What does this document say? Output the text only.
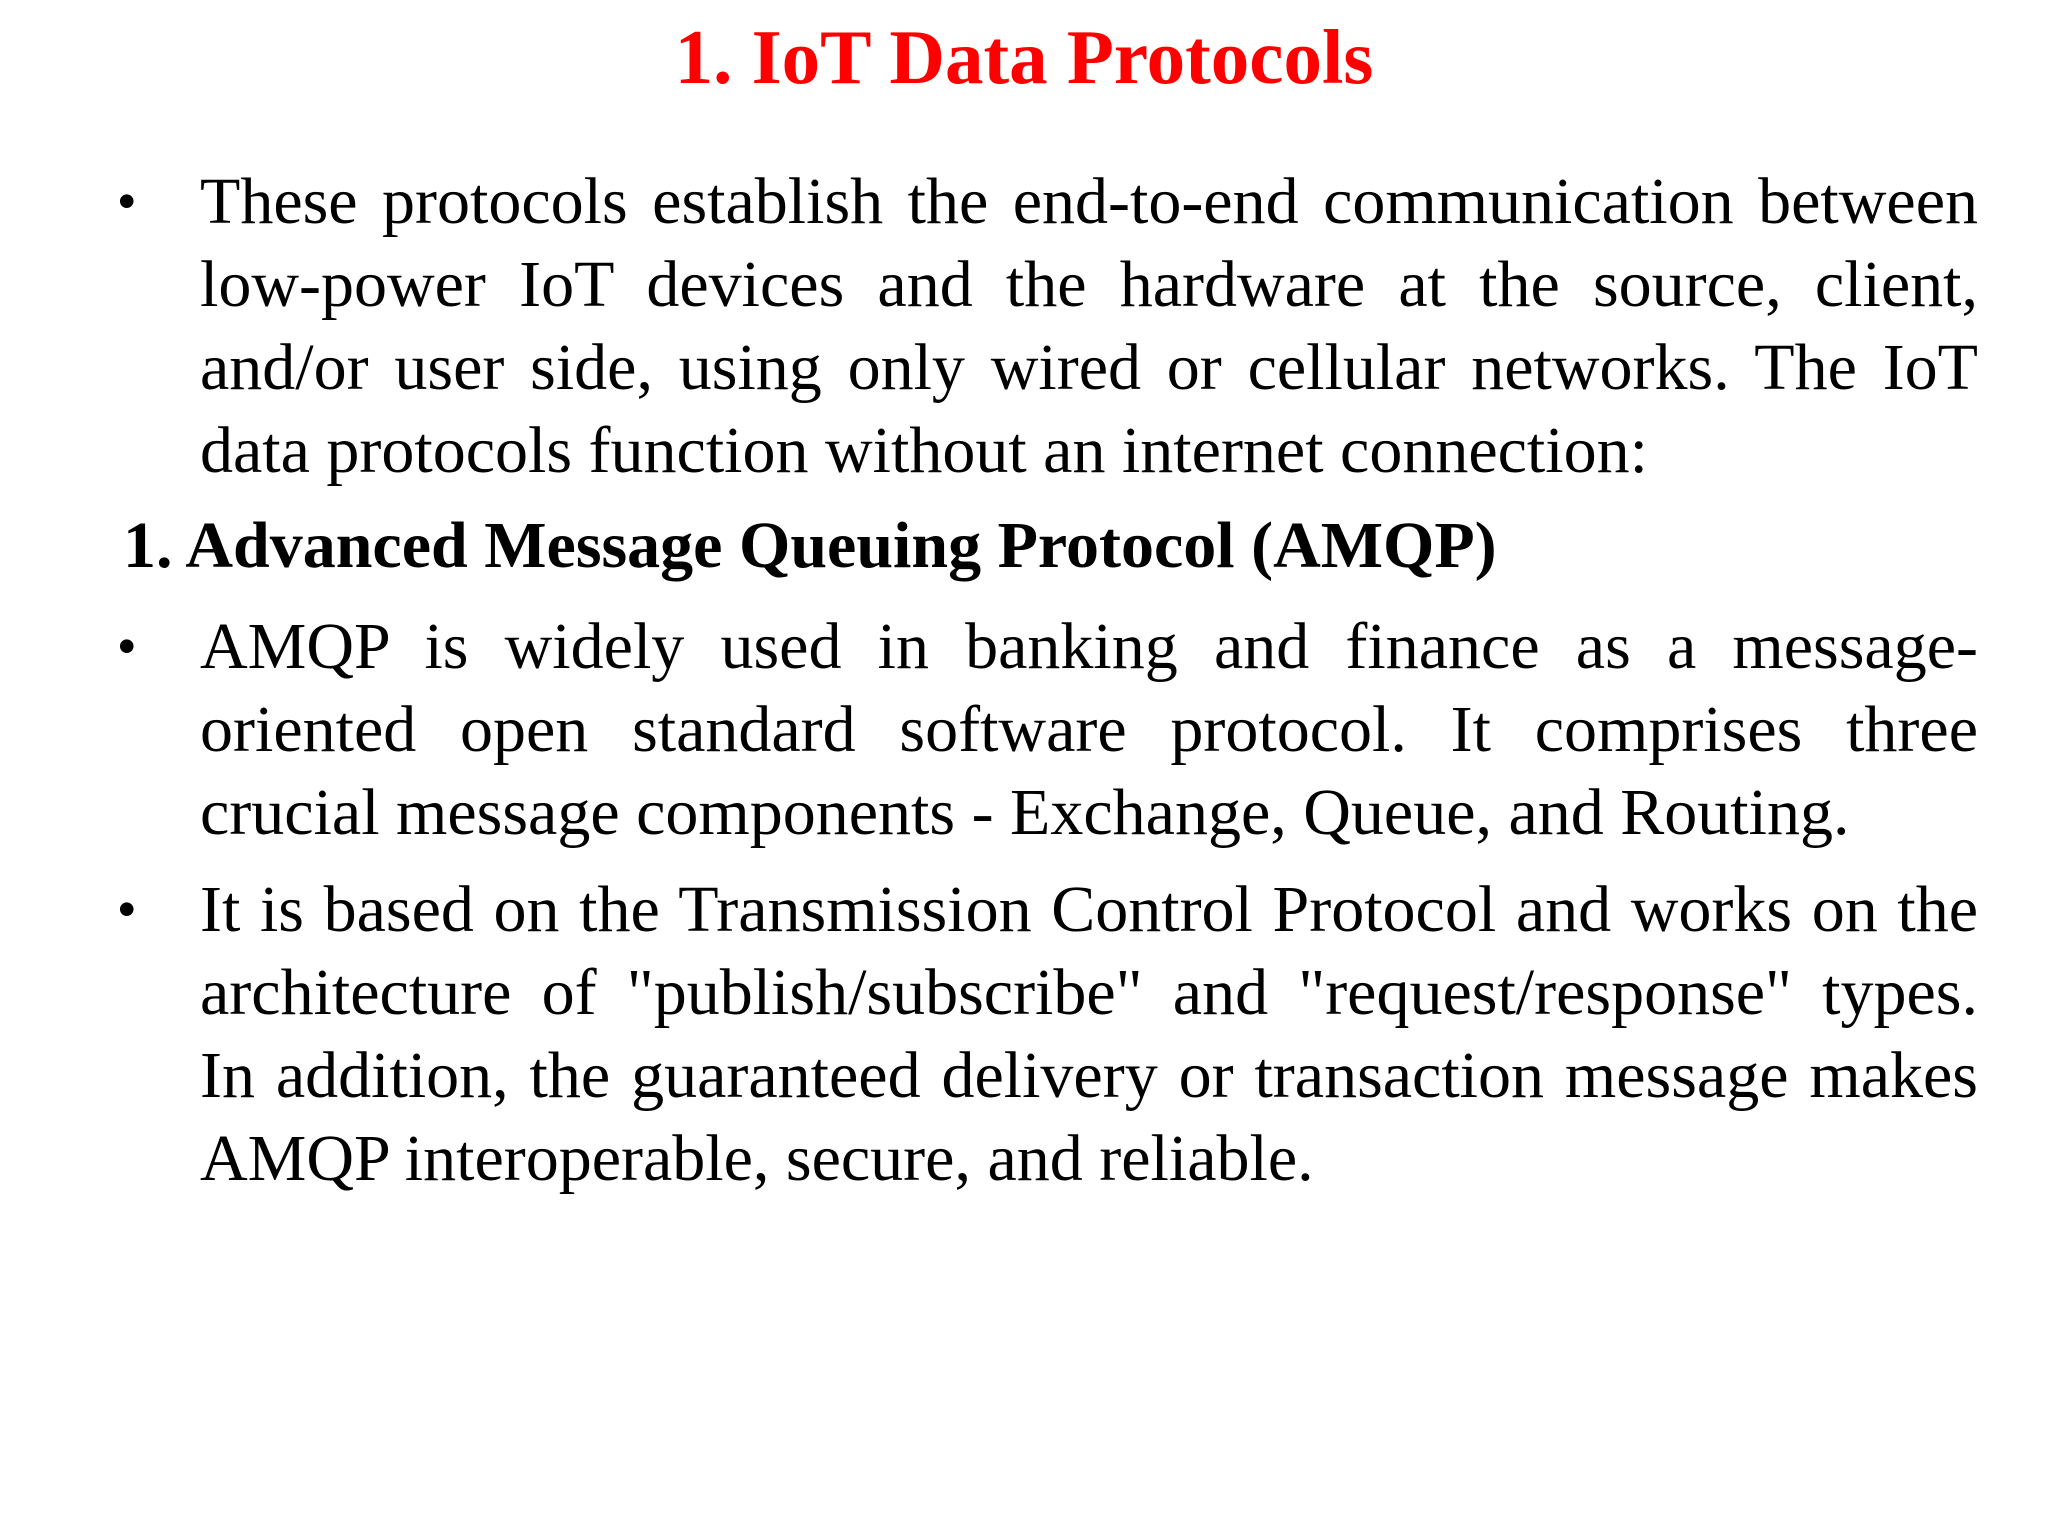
1. IoT Data Protocols
• These protocols establish the end-to-end communication between low-power IoT devices and the hardware at the source, client, and/or user side, using only wired or cellular networks. The IoT data protocols function without an internet connection:
1. Advanced Message Queuing Protocol (AMQP)
• AMQP is widely used in banking and finance as a message-oriented open standard software protocol. It comprises three crucial message components - Exchange, Queue, and Routing.
• It is based on the Transmission Control Protocol and works on the architecture of "publish/subscribe" and "request/response" types. In addition, the guaranteed delivery or transaction message makes AMQP interoperable, secure, and reliable.
